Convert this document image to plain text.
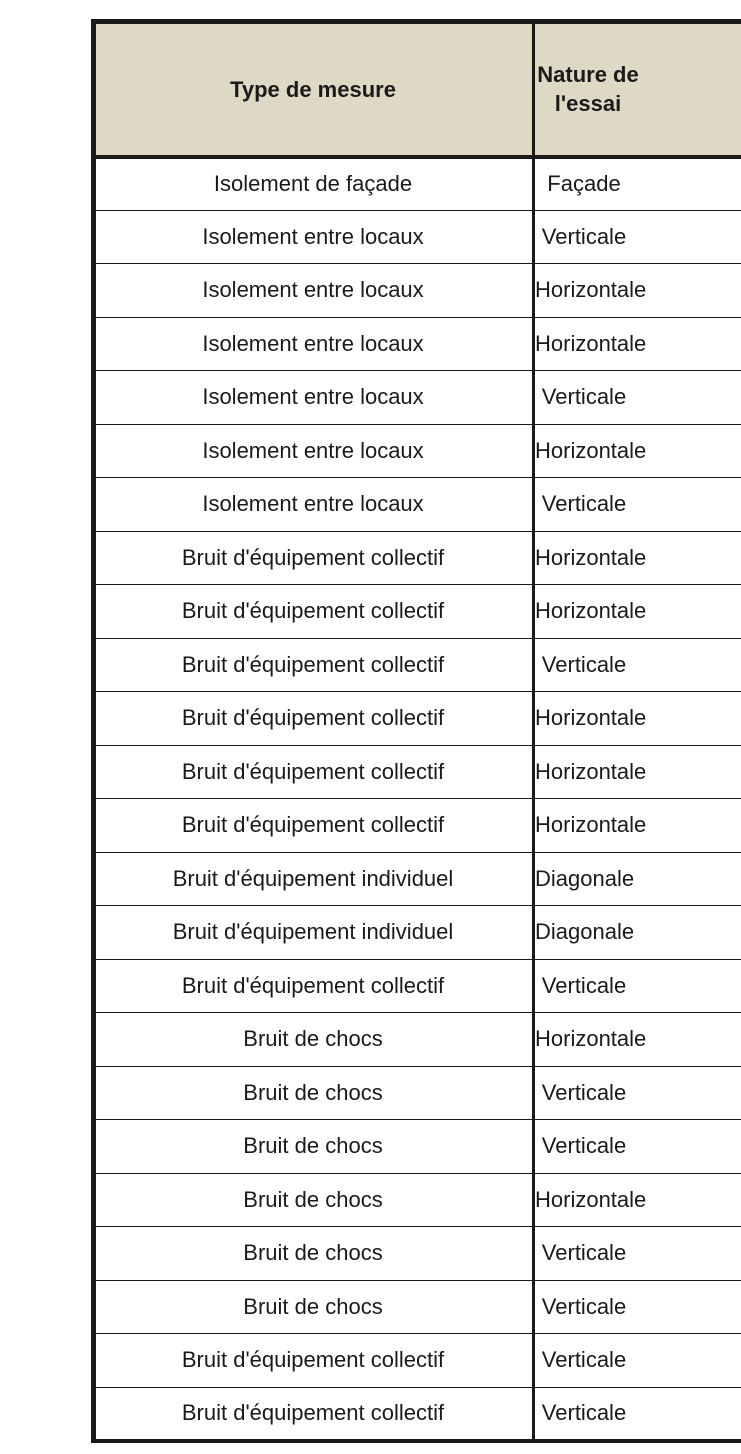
Type de mesure	Nature de
l'essai
Isolement de façade	Façade
Isolement entre locaux	Verticale
Isolement entre locaux	Horizontale
Isolement entre locaux	Horizontale
Isolement entre locaux	Verticale
Isolement entre locaux	Horizontale
Isolement entre locaux	Verticale
Bruit d'équipement collectif	Horizontale
Bruit d'équipement collectif	Horizontale
Bruit d'équipement collectif	Verticale
Bruit d'équipement collectif	Horizontale
Bruit d'équipement collectif	Horizontale
Bruit d'équipement collectif	Horizontale
Bruit d'équipement individuel	Diagonale
Bruit d'équipement individuel	Diagonale
Bruit d'équipement collectif	Verticale
Bruit de chocs	Horizontale
Bruit de chocs	Verticale
Bruit de chocs	Verticale
Bruit de chocs	Horizontale
Bruit de chocs	Verticale
Bruit de chocs	Verticale
Bruit d'équipement collectif	Verticale
Bruit d'équipement collectif	Verticale
